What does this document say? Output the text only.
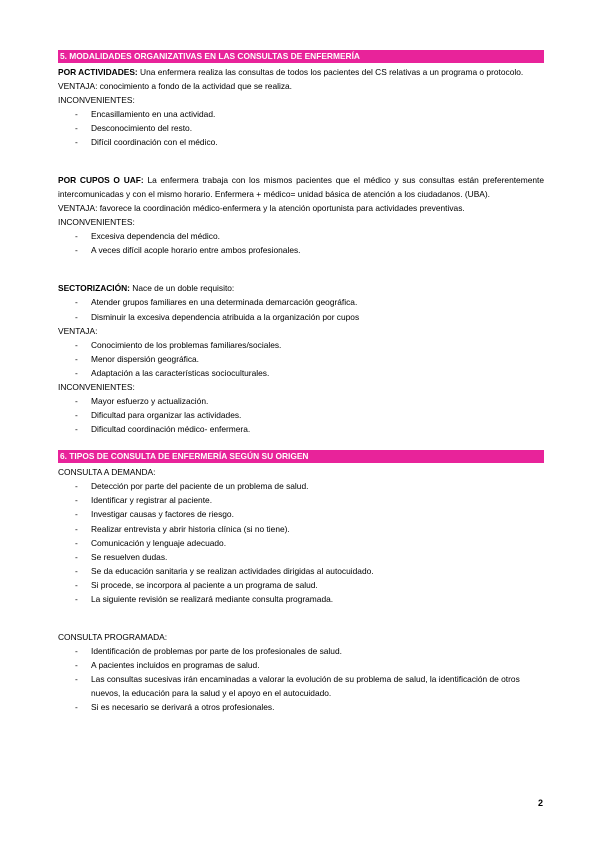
5. MODALIDADES ORGANIZATIVAS EN LAS CONSULTAS DE ENFERMERÍA

POR ACTIVIDADES: Una enfermera realiza las consultas de todos los pacientes del CS relativas a un programa o protocolo.

VENTAJA: conocimiento a fondo de la actividad que se realiza.

INCONVENIENTES:

- Encasillamiento en una actividad.
- Desconocimiento del resto.
- Difícil coordinación con el médico.

POR CUPOS O UAF: La enfermera trabaja con los mismos pacientes que el médico y sus consultas están preferentemente intercomunicadas y con el mismo horario. Enfermera + médico= unidad básica de atención a los ciudadanos. (UBA).

VENTAJA: favorece la coordinación médico-enfermera y la atención oportunista para actividades preventivas.

INCONVENIENTES:

- Excesiva dependencia del médico.
- A veces difícil acople horario entre ambos profesionales.

SECTORIZACIÓN: Nace de un doble requisito:

- Atender grupos familiares en una determinada demarcación geográfica.
- Disminuir la excesiva dependencia atribuida a la organización por cupos

VENTAJA:

- Conocimiento de los problemas familiares/sociales.
- Menor dispersión geográfica.
- Adaptación a las características socioculturales.

INCONVENIENTES:

- Mayor esfuerzo y actualización.
- Dificultad para organizar las actividades.
- Dificultad coordinación médico- enfermera.
6. TIPOS DE CONSULTA DE ENFERMERÍA SEGÚN SU ORIGEN

CONSULTA A DEMANDA:

- Detección por parte del paciente de un problema de salud.
- Identificar y registrar al paciente.
- Investigar causas y factores de riesgo.
- Realizar entrevista y abrir historia clínica (si no tiene).
- Comunicación y lenguaje adecuado.
- Se resuelven dudas.
- Se da educación sanitaria y se realizan actividades dirigidas al autocuidado.
- Si procede, se incorpora al paciente a un programa de salud.
- La siguiente revisión se realizará mediante consulta programada.

CONSULTA PROGRAMADA:

- Identificación de problemas por parte de los profesionales de salud.
- A pacientes incluidos en programas de salud.
- Las consultas sucesivas irán encaminadas a valorar la evolución de su problema de salud, la identificación de otros nuevos, la educación para la salud y el apoyo en el autocuidado.
- Si es necesario se derivará a otros profesionales.
2
